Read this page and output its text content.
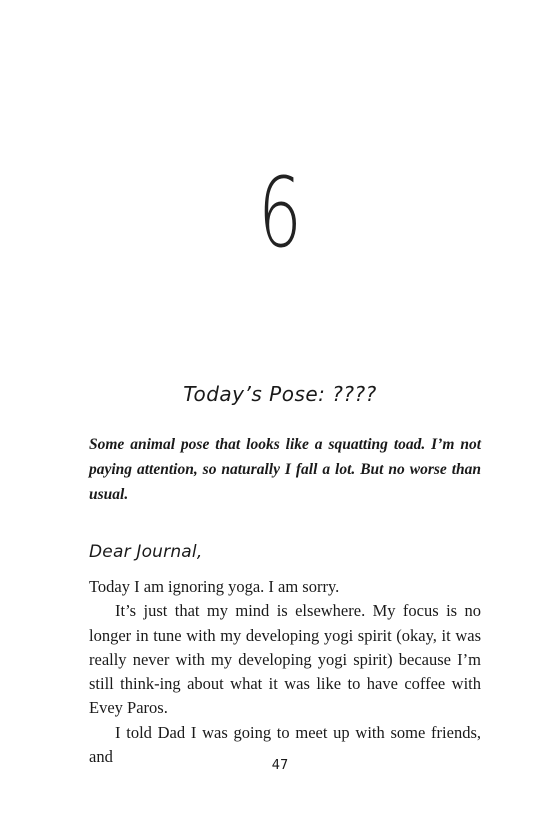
6
Today’s Pose: ????

Some animal pose that looks like a squatting toad. I’m not paying attention, so naturally I fall a lot. But no worse than usual.

Dear Journal,

Today I am ignoring yoga. I am sorry.

It’s just that my mind is elsewhere. My focus is no longer in tune with my developing yogi spirit (okay, it was really never with my developing yogi spirit) because I’m still think-ing about what it was like to have coffee with Evey Paros.

I told Dad I was going to meet up with some friends, and	47
